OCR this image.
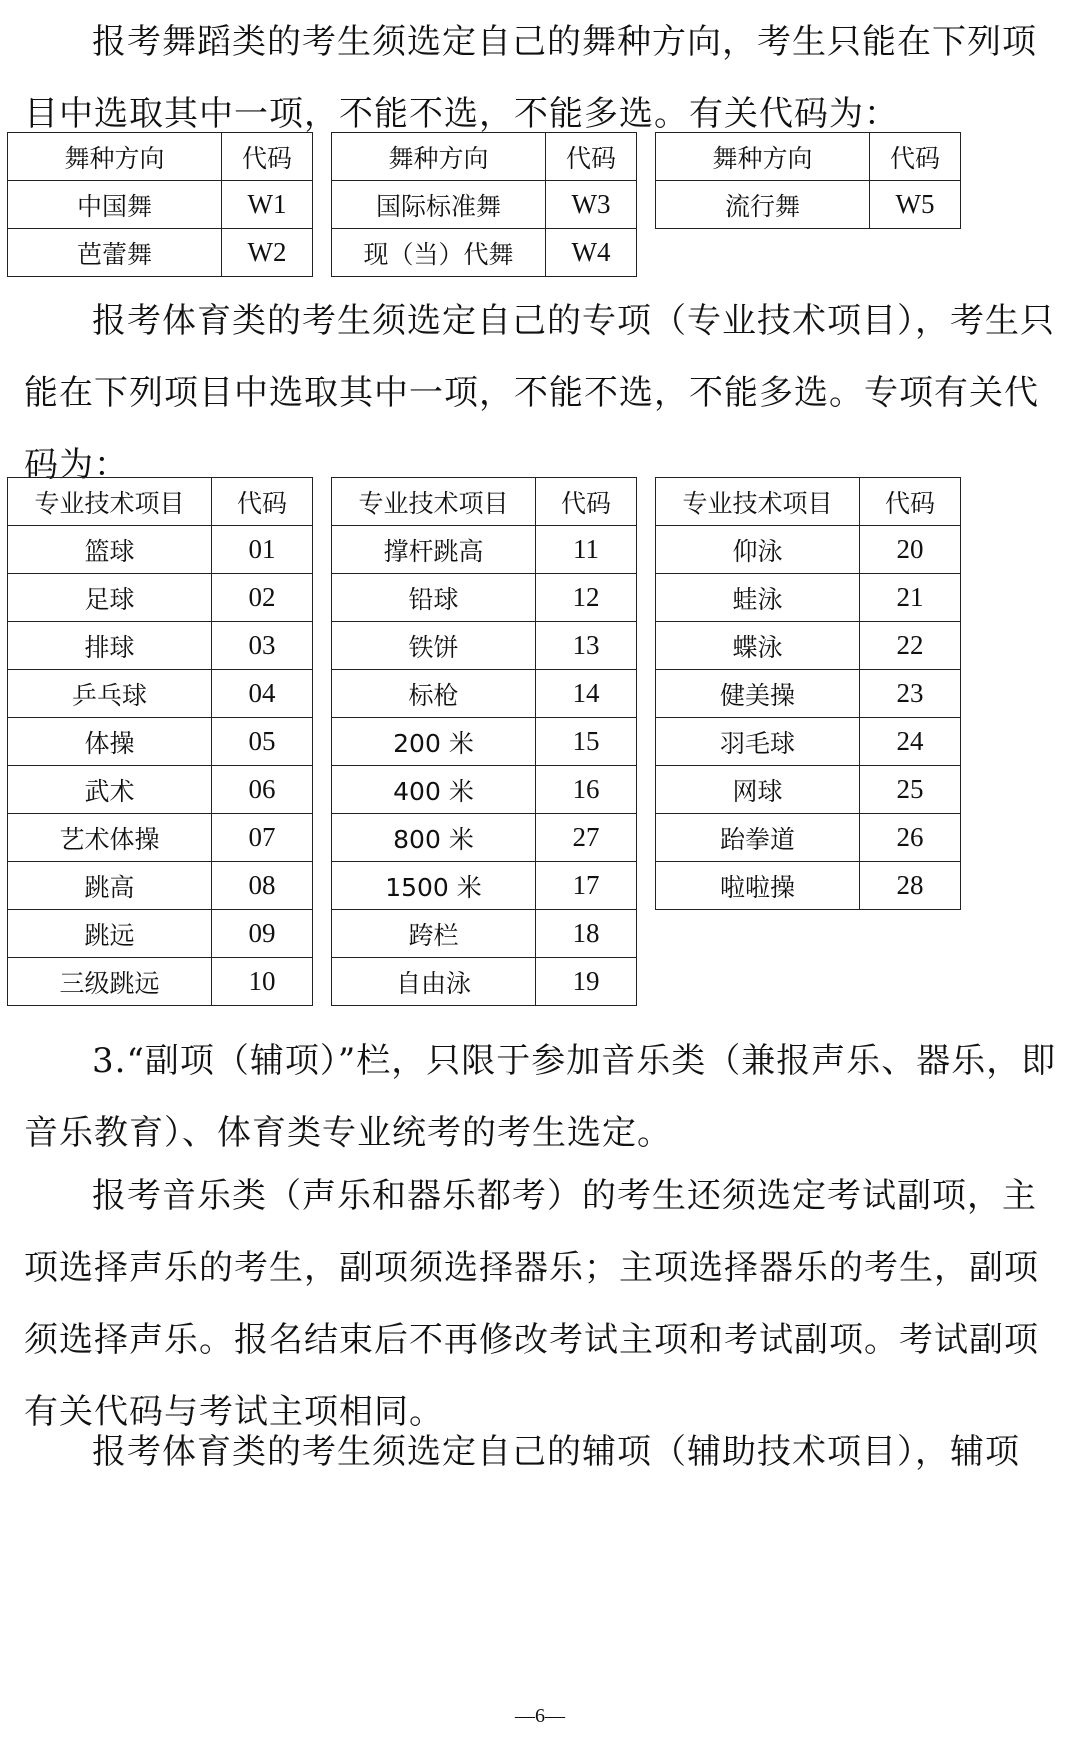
报考舞蹈类的考生须选定自己的舞种方向，考生只能在下列项目中选取其中一项，不能不选，不能多选。有关代码为：

舞种方向	代码
中国舞	W1
芭蕾舞	W2
舞种方向	代码
国际标准舞	W3
现（当）代舞	W4
舞种方向	代码
流行舞	W5

报考体育类的考生须选定自己的专项（专业技术项目），考生只能在下列项目中选取其中一项，不能不选，不能多选。专项有关代码为：

专业技术项目	代码
篮球	01
足球	02
排球	03
乒乓球	04
体操	05
武术	06
艺术体操	07
跳高	08
跳远	09
三级跳远	10
专业技术项目	代码
撑杆跳高	11
铅球	12
铁饼	13
标枪	14
200 米	15
400 米	16
800 米	27
1500 米	17
跨栏	18
自由泳	19
专业技术项目	代码
仰泳	20
蛙泳	21
蝶泳	22
健美操	23
羽毛球	24
网球	25
跆拳道	26
啦啦操	28

3.“副项（辅项）”栏，只限于参加音乐类（兼报声乐、器乐，即音乐教育）、体育类专业统考的考生选定。

报考音乐类（声乐和器乐都考）的考生还须选定考试副项，主项选择声乐的考生，副项须选择器乐；主项选择器乐的考生，副项须选择声乐。报名结束后不再修改考试主项和考试副项。考试副项有关代码与考试主项相同。

报考体育类的考生须选定自己的辅项（辅助技术项目），辅项

—6—
